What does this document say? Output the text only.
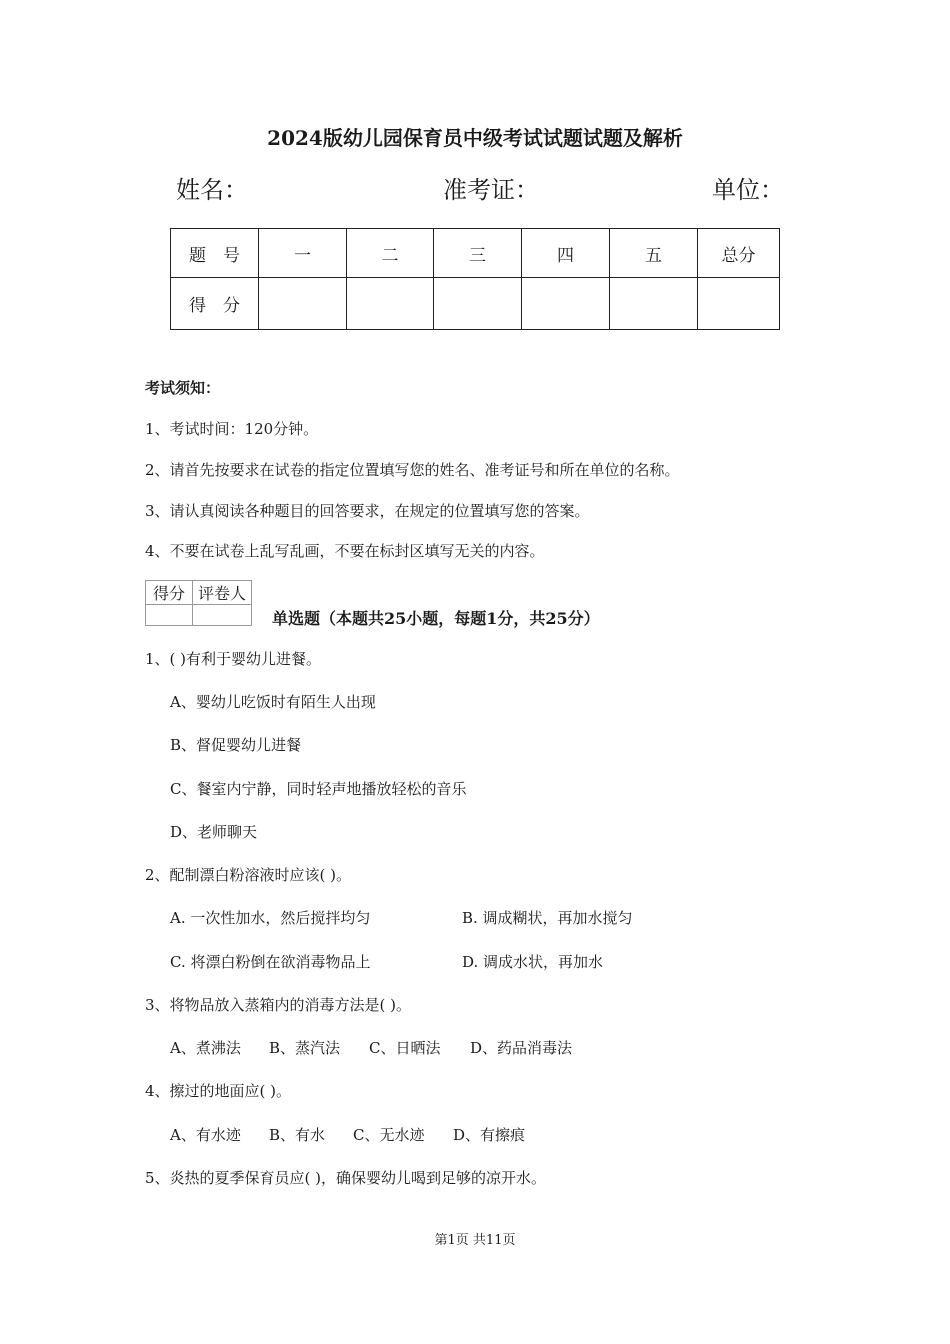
2024版幼儿园保育员中级考试试题试题及解析
姓名：	准考证：	单位：
题　号	一	二	三	四	五	总分
得　分						
考试须知：
1、考试时间：120分钟。
2、请首先按要求在试卷的指定位置填写您的姓名、准考证号和所在单位的名称。
3、请认真阅读各种题目的回答要求，在规定的位置填写您的答案。
4、不要在试卷上乱写乱画，不要在标封区填写无关的内容。
得分	评卷人

单选题（本题共25小题，每题1分，共25分）
1、( )有利于婴幼儿进餐。
A、婴幼儿吃饭时有陌生人出现
B、督促婴幼儿进餐
C、餐室内宁静，同时轻声地播放轻松的音乐
D、老师聊天
2、配制漂白粉溶液时应该( )。
A. 一次性加水，然后搅拌均匀	B. 调成糊状，再加水搅匀
C. 将漂白粉倒在欲消毒物品上	D. 调成水状，再加水
3、将物品放入蒸箱内的消毒方法是( )。
A、煮沸法 B、蒸汽法 C、日晒法 D、药品消毒法
4、擦过的地面应( )。
A、有水迹 B、有水 C、无水迹 D、有擦痕
5、炎热的夏季保育员应( )，确保婴幼儿喝到足够的凉开水。
第1页 共11页
